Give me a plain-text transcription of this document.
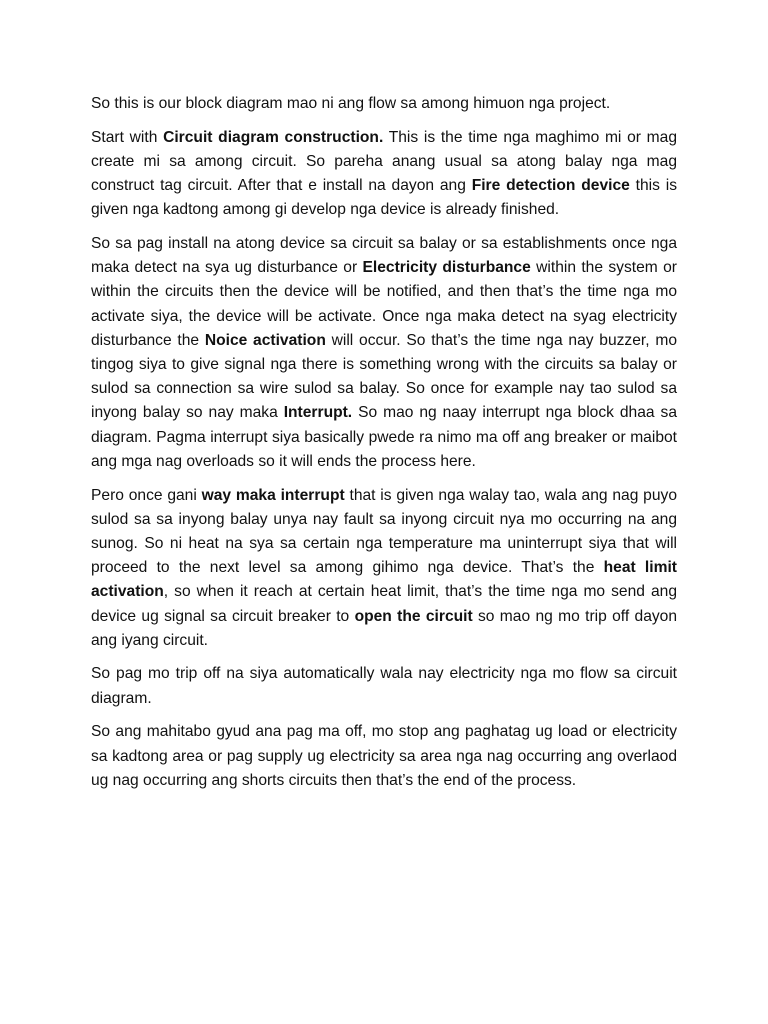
So this is our block diagram mao ni ang flow sa among himuon nga project.

Start with Circuit diagram construction. This is the time nga maghimo mi or mag create mi sa among circuit. So pareha anang usual sa atong balay nga mag construct tag circuit. After that e install na dayon ang Fire detection device this is given nga kadtong among gi develop nga device is already finished.

So sa pag install na atong device sa circuit sa balay or sa establishments once nga maka detect na sya ug disturbance or Electricity disturbance within the system or within the circuits then the device will be notified, and then that’s the time nga mo activate siya, the device will be activate. Once nga maka detect na syag electricity disturbance the Noice activation will occur. So that’s the time nga nay buzzer, mo tingog siya to give signal nga there is something wrong with the circuits sa balay or sulod sa connection sa wire sulod sa balay. So once for example nay tao sulod sa inyong balay so nay maka Interrupt. So mao ng naay interrupt nga block dhaa sa diagram. Pagma interrupt siya basically pwede ra nimo ma off ang breaker or maibot ang mga nag overloads so it will ends the process here.

Pero once gani way maka interrupt that is given nga walay tao, wala ang nag puyo sulod sa sa inyong balay unya nay fault sa inyong circuit nya mo occurring na ang sunog. So ni heat na sya sa certain nga temperature ma uninterrupt siya that will proceed to the next level sa among gihimo nga device. That’s the heat limit activation, so when it reach at certain heat limit, that’s the time nga mo send ang device ug signal sa circuit breaker to open the circuit so mao ng mo trip off dayon ang iyang circuit.

So pag mo trip off na siya automatically wala nay electricity nga mo flow sa circuit diagram.

So ang mahitabo gyud ana pag ma off, mo stop ang paghatag ug load or electricity sa kadtong area or pag supply ug electricity sa area nga nag occurring ang overlaod ug nag occurring ang shorts circuits then that’s the end of the process.
